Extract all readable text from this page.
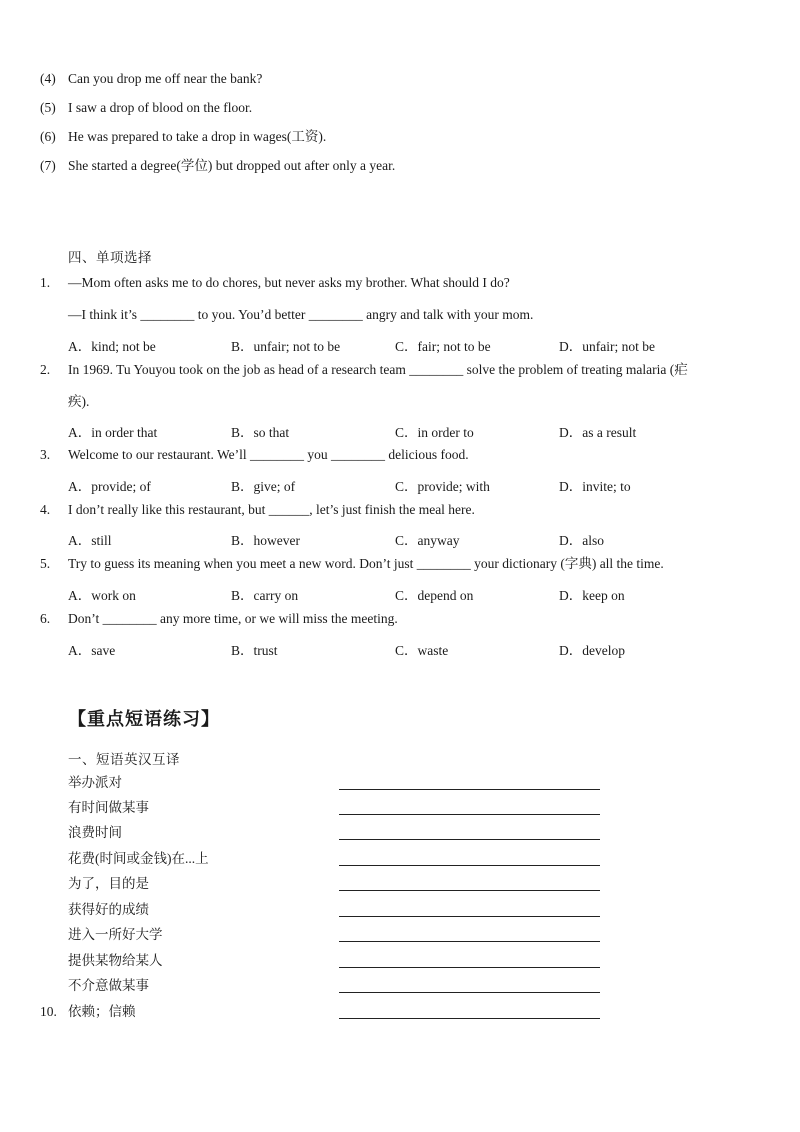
(4) Can you drop me off near the bank?
(5) I saw a drop of blood on the floor.
(6) He was prepared to take a drop in wages(工资).
(7) She started a degree(学位) but dropped out after only a year.
四、单项选择
1. —Mom often asks me to do chores, but never asks my brother. What should I do?
—I think it’s ________ to you. You’d better ________ angry and talk with your mom.
A．kind; not be	B．unfair; not to be	C．fair; not to be	D．unfair; not be
2. In 1969. Tu Youyou took on the job as head of a research team ________ solve the problem of treating malaria (疟
疾).
A．in order that	B．so that	C．in order to	D．as a result
3. Welcome to our restaurant. We’ll ________ you ________ delicious food.
A．provide; of	B．give; of	C．provide; with	D．invite; to
4. I don’t really like this restaurant, but ______, let’s just finish the meal here.
A．still	B．however	C．anyway	D．also
5. Try to guess its meaning when you meet a new word. Don’t just ________ your dictionary (字典) all the time.
A．work on	B．carry on	C．depend on	D．keep on
6. Don’t ________ any more time, or we will miss the meeting.
A．save	B．trust	C．waste	D．develop
【重点短语练习】
一、短语英汉互译
举办派对
有时间做某事
浪费时间
花费(时间或金钱)在...上
为了，目的是
获得好的成绩
进入一所好大学
提供某物给某人
不介意做某事
10. 依赖；信赖
